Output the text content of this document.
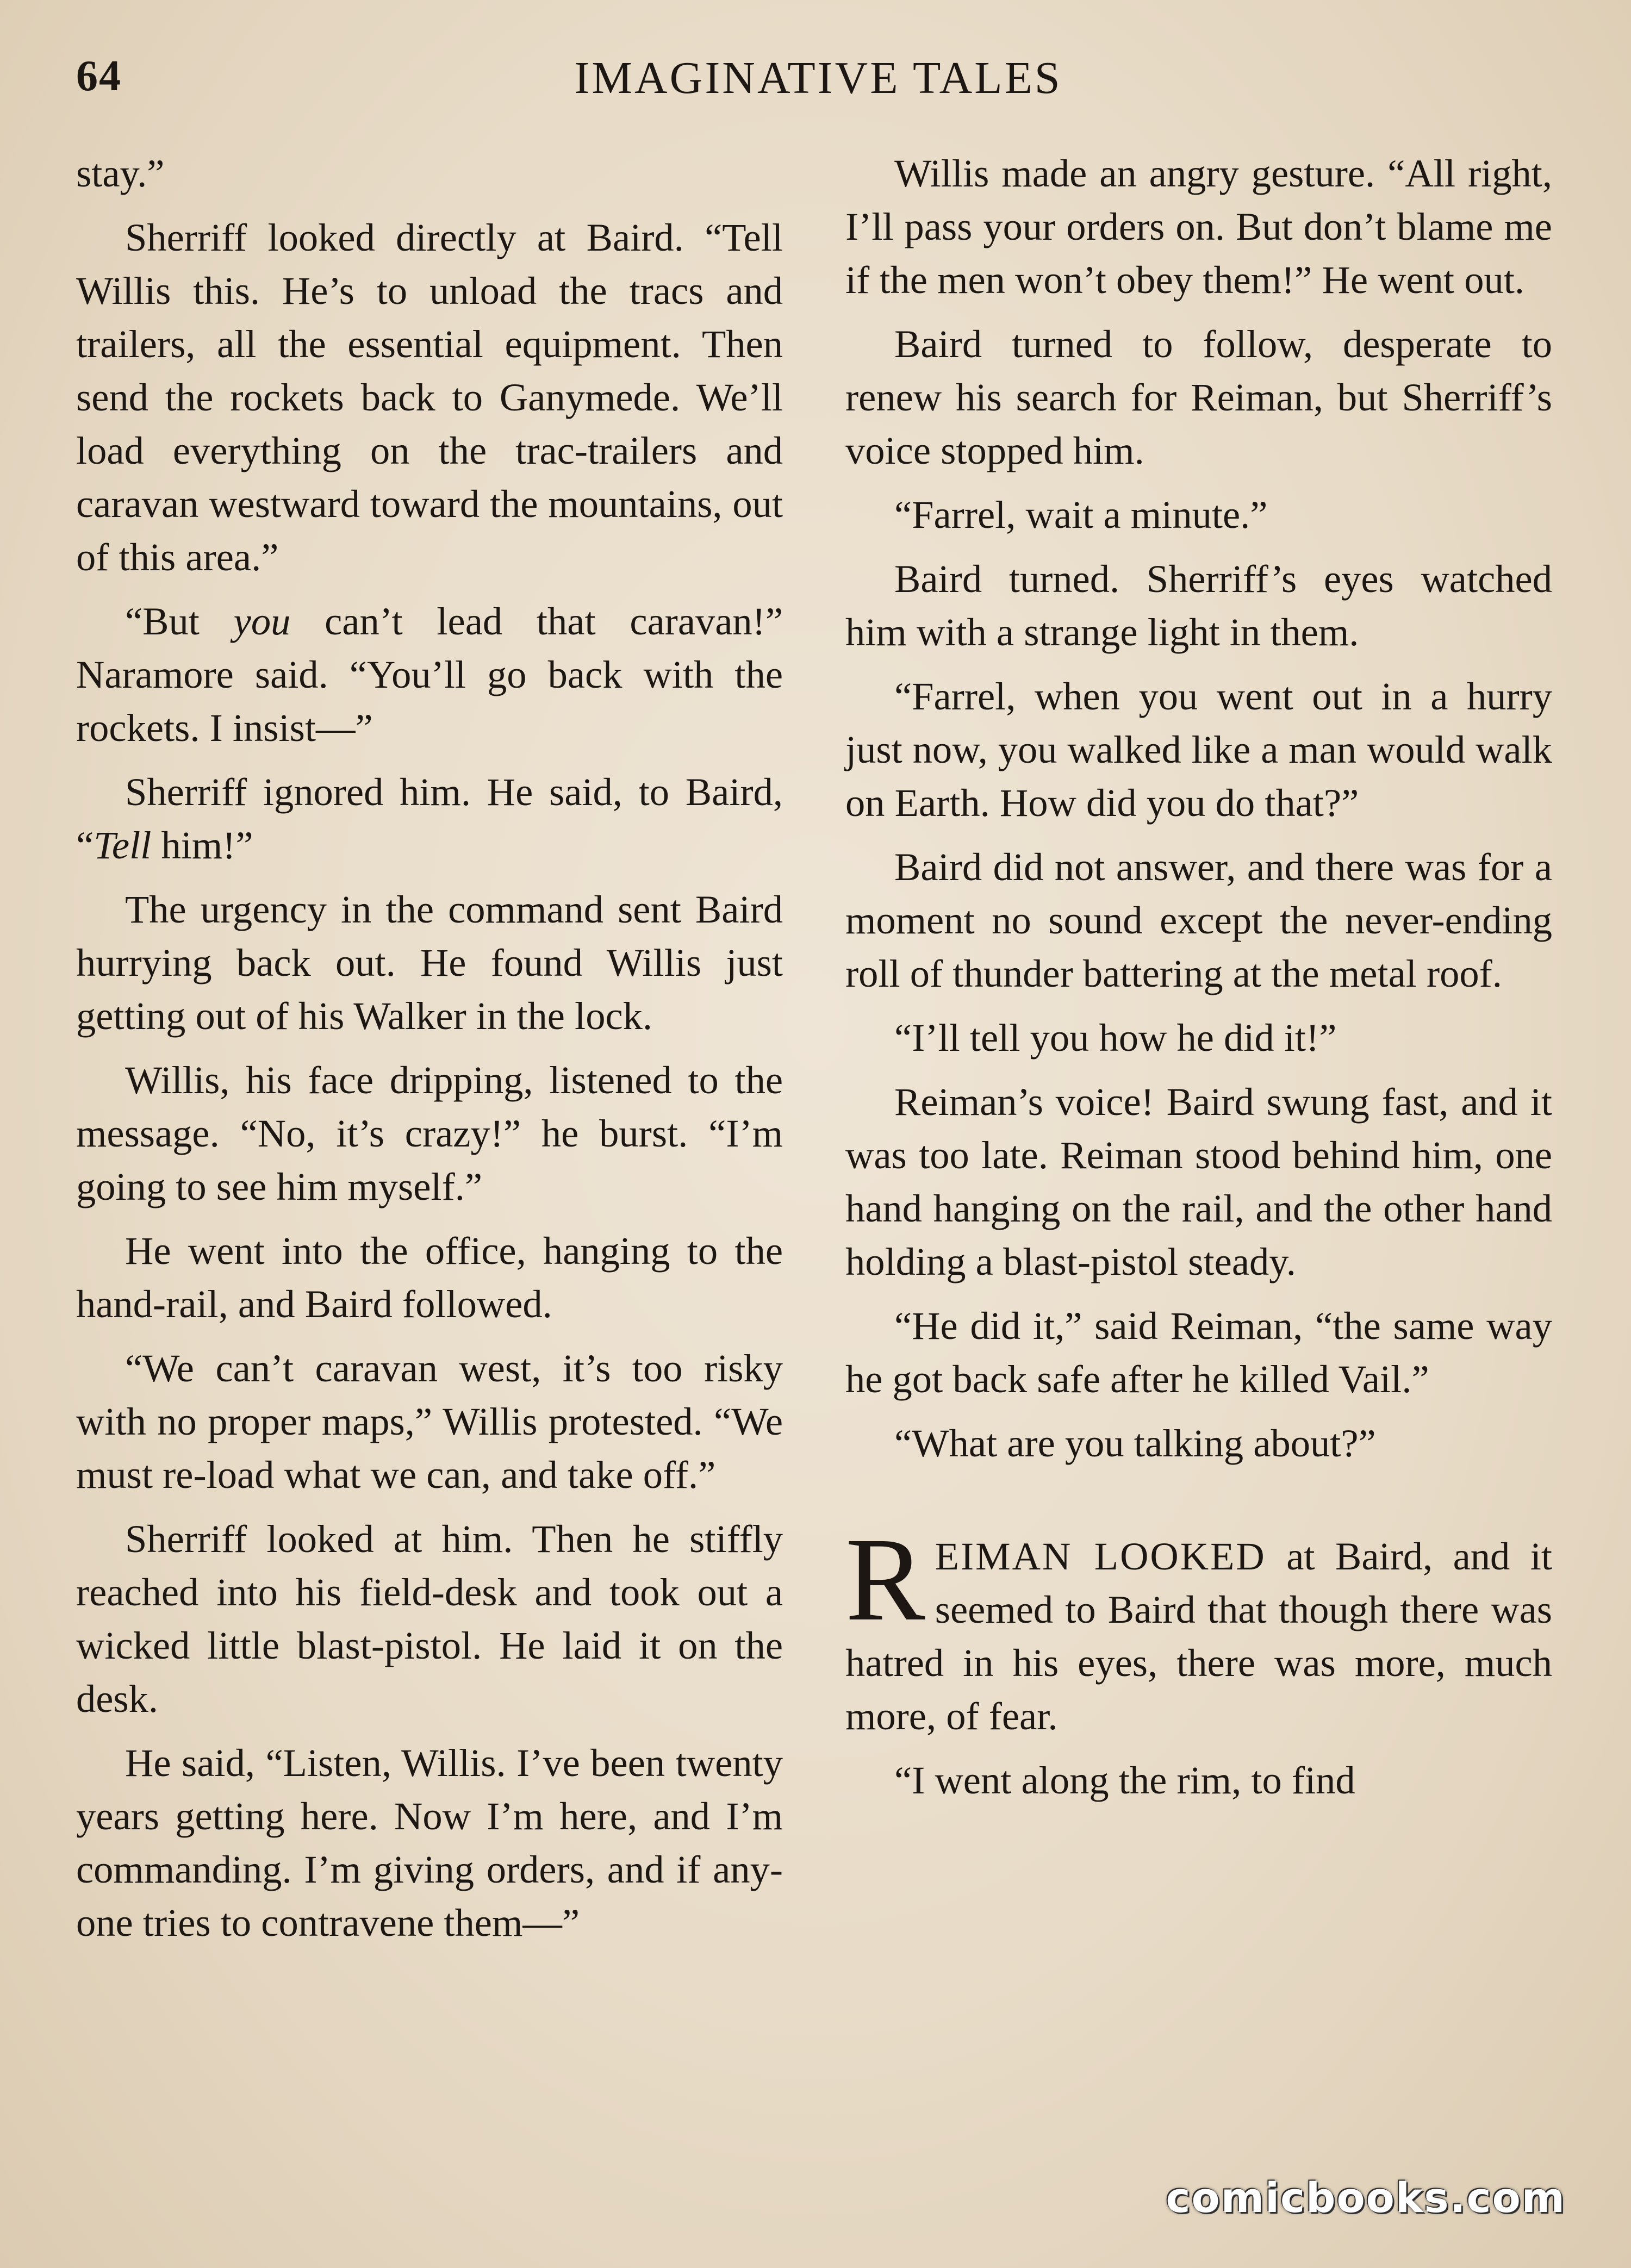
64	IMAGINATIVE TALES

stay.”

Sherriff looked directly at Baird. “Tell Willis this. He’s to unload the tracs and trailers, all the essential equipment. Then send the rockets back to Ganymede. We’ll load everything on the trac-trailers and caravan westward toward the mountains, out of this area.”

“But you can’t lead that caravan!” Naramore said. “You’ll go back with the rockets. I insist—”

Sherriff ignored him. He said, to Baird, “Tell him!”

The urgency in the command sent Baird hurrying back out. He found Willis just getting out of his Walker in the lock.

Willis, his face dripping, listened to the message. “No, it’s crazy!” he burst. “I’m going to see him myself.”

He went into the office, hanging to the hand-rail, and Baird followed.

“We can’t caravan west, it’s too risky with no proper maps,” Willis protested. “We must re-load what we can, and take off.”

Sherriff looked at him. Then he stiffly reached into his field-desk and took out a wicked little blast-pistol. He laid it on the desk.

He said, “Listen, Willis. I’ve been twenty years getting here. Now I’m here, and I’m commanding. I’m giving orders, and if anyone tries to contravene them—”

Willis made an angry gesture. “All right, I’ll pass your orders on. But don’t blame me if the men won’t obey them!” He went out.

Baird turned to follow, desperate to renew his search for Reiman, but Sherriff’s voice stopped him.

“Farrel, wait a minute.”

Baird turned. Sherriff’s eyes watched him with a strange light in them.

“Farrel, when you went out in a hurry just now, you walked like a man would walk on Earth. How did you do that?”

Baird did not answer, and there was for a moment no sound except the never-ending roll of thunder battering at the metal roof.

“I’ll tell you how he did it!”

Reiman’s voice! Baird swung fast, and it was too late. Reiman stood behind him, one hand hanging on the rail, and the other hand holding a blast-pistol steady.

“He did it,” said Reiman, “the same way he got back safe after he killed Vail.”

“What are you talking about?”

REIMAN LOOKED at Baird, and it seemed to Baird that though there was hatred in his eyes, there was more, much more, of fear.

“I went along the rim, to find

comicbooks.com
